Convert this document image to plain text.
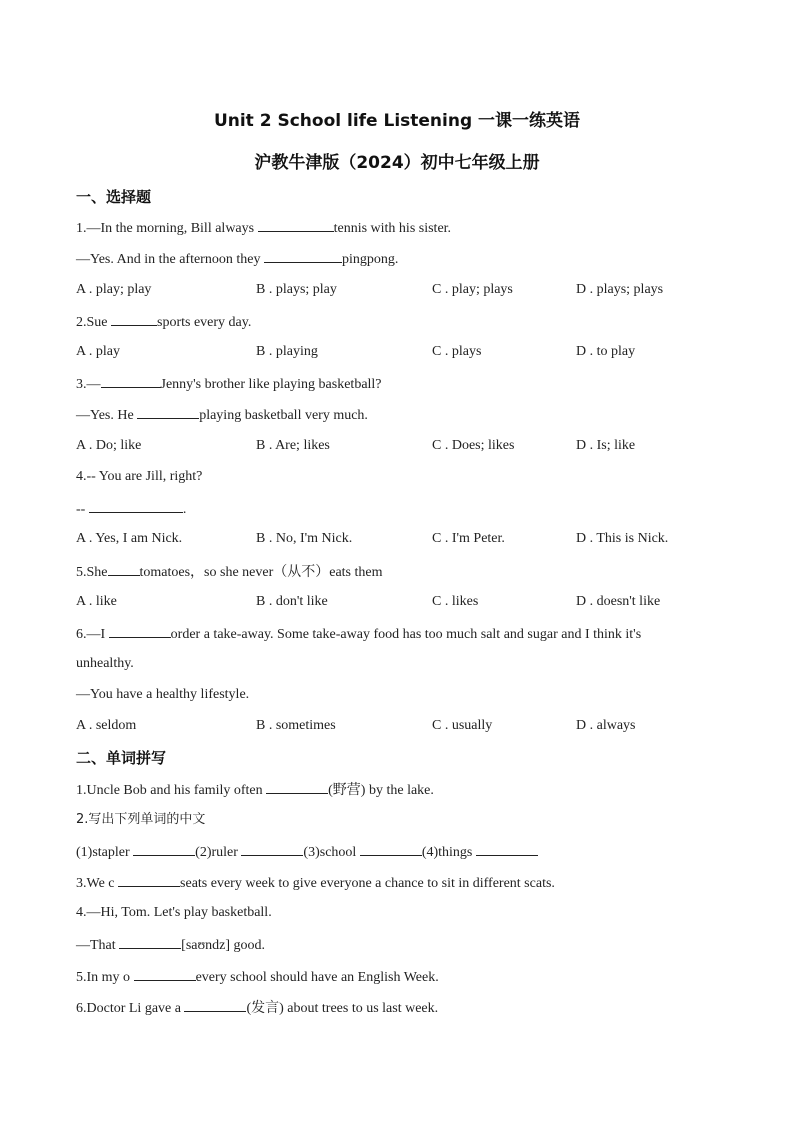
Unit 2 School life Listening 一课一练英语
沪教牛津版（2024）初中七年级上册
一、选择题
1.—In the morning, Bill always	tennis with his sister.
—Yes. And in the afternoon they	pingpong.
A . play; play	B . plays; play	C . play; plays	D . plays; plays
2.Sue	sports every day.
A . play	B . playing	C . plays	D . to play
3.—	Jenny's brother like playing basketball?
—Yes. He	playing basketball very much.
A . Do; like	B . Are; likes	C . Does; likes	D . Is; like
4.-- You are Jill, right?
--	.
A . Yes, I am Nick.	B . No, I'm Nick.	C . I'm Peter.	D . This is Nick.
5.She tomatoes，so she never（从不）eats them
A . like	B . don't like	C . likes	D . doesn't like
6.—I	order a take-away. Some take-away food has too much salt and sugar and I think it's
unhealthy.
—You have a healthy lifestyle.
A . seldom	B . sometimes	C . usually	D . always
二、单词拼写
1.Uncle Bob and his family often	(野营) by the lake.
2.写出下列单词的中文
(1)stapler	(2)ruler	(3)school	(4)things
3.We c	seats every week to give everyone a chance to sit in different scats.
4.—Hi, Tom. Let's play basketball.
—That	[saʊndz] good.
5.In my o	every school should have an English Week.
6.Doctor Li gave a	(发言) about trees to us last week.
